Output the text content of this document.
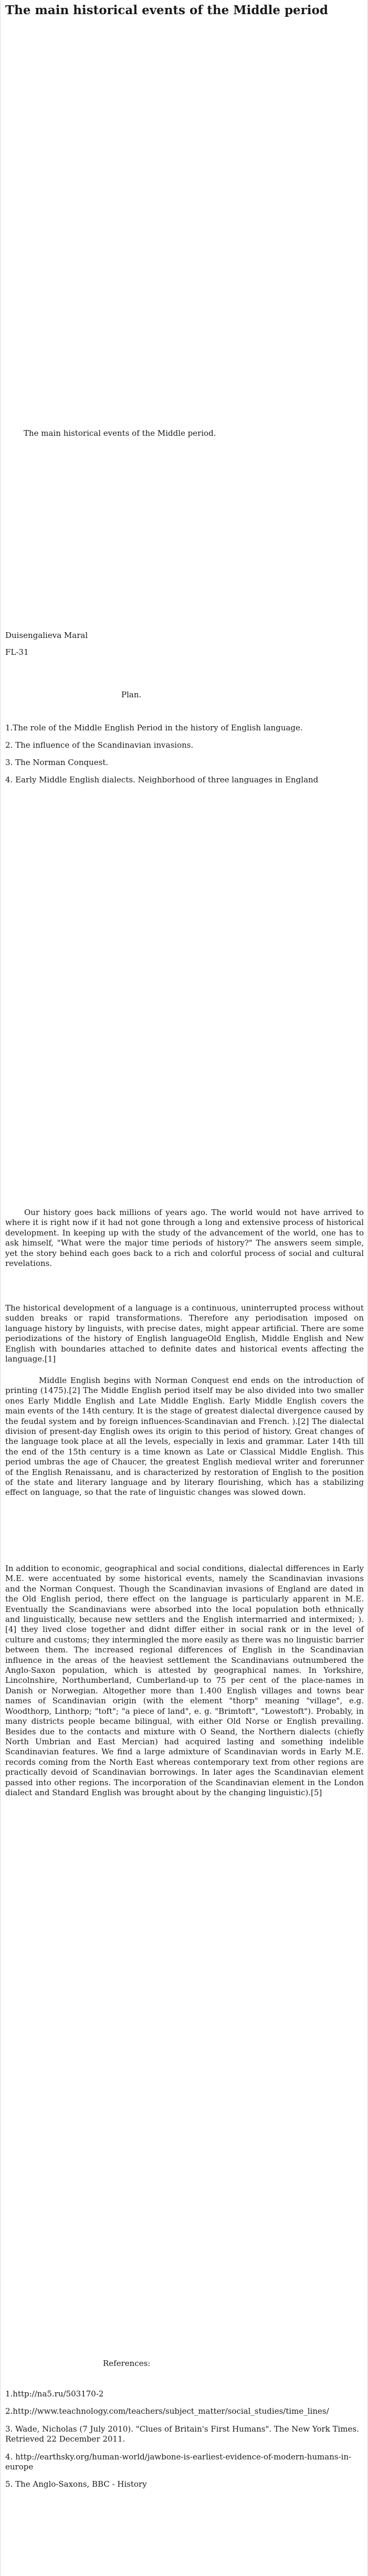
The main historical events of the Middle period

The main historical events of the Middle period.

Duisengalieva Maral

FL-31

Plan.

1.The role of the Middle English Period in the history of English language.
2. The influence of the Scandinavian invasions.
3. The Norman Conquest.
4. Early Middle English dialects. Neighborhood of three languages in England

Our history goes back millions of years ago. The world would not have arrived to where it is right now if it had not gone through a long and extensive process of historical development. In keeping up with the study of the advancement of the world, one has to ask himself, "What were the major time periods of history?" The answers seem simple, yet the story behind each goes back to a rich and colorful process of social and cultural revelations.

The historical development of a language is a continuous, uninterrupted process without sudden breaks or rapid transformations. Therefore any periodisation imposed on language history by linguists, with precise dates, might appear artificial. There are some periodizations of the history of English languageOld English, Middle English and New English with boundaries attached to definite dates and historical events affecting the language.[1]

Middle English begins with Norman Conquest end ends on the introduction of printing (1475).[2] The Middle English period itself may be also divided into two smaller ones Early Middle English and Late Middle English. Early Middle English covers the main events of the 14th century. It is the stage of greatest dialectal divergence caused by the feudal system and by foreign influences-Scandinavian and French. ).[2] The dialectal division of present-day English owes its origin to this period of history. Great changes of the language took place at all the levels, especially in lexis and grammar. Later 14th till the end of the 15th century is a time known as Late or Classical Middle English. This period umbras the age of Chaucer, the greatest English medieval writer and forerunner of the English Renaissanu, and is characterized by restoration of English to the position of the state and literary language and by literary flourishing, which has a stabilizing effect on language, so that the rate of linguistic changes was slowed down.

In addition to economic, geographical and social conditions, dialectal differences in Early M.E. were accentuated by some historical events, namely the Scandinavian invasions and the Norman Conquest. Though the Scandinavian invasions of England are dated in the Old English period, there effect on the language is particularly apparent in M.E. Eventually the Scandinavians were absorbed into the local population both ethnically and linguistically, because new settlers and the English intermarried and intermixed; ).[4] they lived close together and didnt differ either in social rank or in the level of culture and customs; they intermingled the more easily as there was no linguistic barrier between them. The increased regional differences of English in the Scandinavian influence in the areas of the heaviest settlement the Scandinavians outnumbered the Anglo-Saxon population, which is attested by geographical names. In Yorkshire, Lincolnshire, Northumberland, Cumberland-up to 75 per cent of the place-names in Danish or Norwegian. Altogether more than 1.400 English villages and towns bear names of Scandinavian origin (with the element "thorp" meaning "village", e.g. Woodthorp, Linthorp; "toft"; "a piece of land", e. g. "Brimtoft", "Lowestoft"). Probably, in many districts people became bilingual, with either Old Norse or English prevailing. Besides due to the contacts and mixture with O Seand, the Northern dialects (chiefly North Umbrian and East Mercian) had acquired lasting and something indelible Scandinavian features. We find a large admixture of Scandinavian words in Early M.E. records coming from the North East whereas contemporary text from other regions are practically devoid of Scandinavian borrowings. In later ages the Scandinavian element passed into other regions. The incorporation of the Scandinavian element in the London dialect and Standard English was brought about by the changing linguistic).[5]

References:

1.http://na5.ru/503170-2
2.http://www.teachnology.com/teachers/subject_matter/social_studies/time_lines/
3. Wade, Nicholas (7 July 2010). "Clues of Britain's First Humans". The New York Times. Retrieved 22 December 2011.
4. http://earthsky.org/human-world/jawbone-is-earliest-evidence-of-modern-humans-in-europe
5. The Anglo-Saxons, BBC - History
